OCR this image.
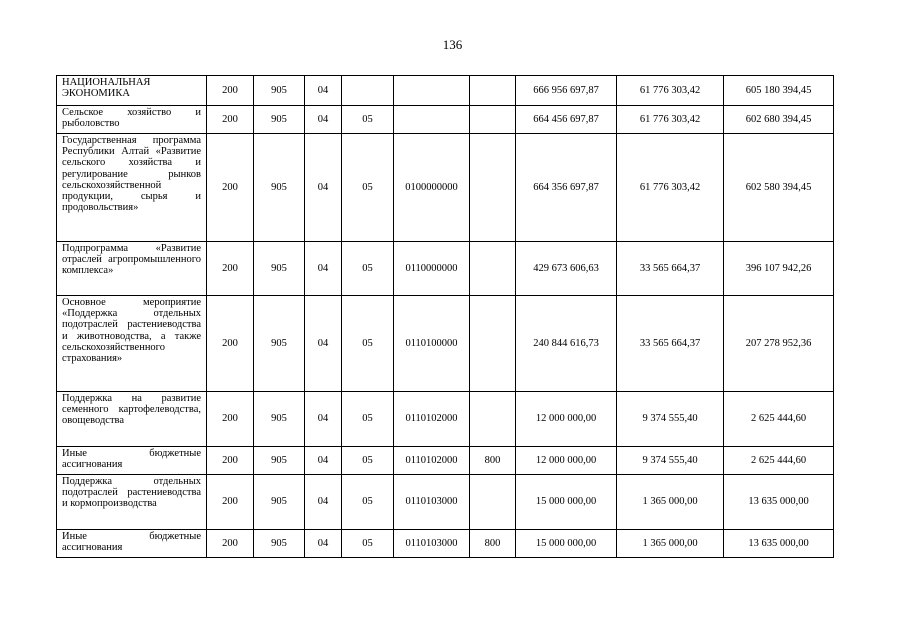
136
НАЦИОНАЛЬНАЯ ЭКОНОМИКА	200	905	04				666 956 697,87	61 776 303,42	605 180 394,45
Сельское хозяйство и рыболовство	200	905	04	05			664 456 697,87	61 776 303,42	602 680 394,45
Государственная программа Республики Алтай «Развитие сельского хозяйства и регулирование рынков сельскохозяйственной продукции, сырья и продовольствия»	200	905	04	05	0100000000		664 356 697,87	61 776 303,42	602 580 394,45
Подпрограмма «Развитие отраслей агропромышленного комплекса»	200	905	04	05	0110000000		429 673 606,63	33 565 664,37	396 107 942,26
Основное мероприятие «Поддержка отдельных подотраслей растениеводства и животноводства, а также сельскохозяйственного страхования»	200	905	04	05	0110100000		240 844 616,73	33 565 664,37	207 278 952,36
Поддержка на развитие семенного картофелеводства, овощеводства	200	905	04	05	0110102000		12 000 000,00	9 374 555,40	2 625 444,60
Иные бюджетные ассигнования	200	905	04	05	0110102000	800	12 000 000,00	9 374 555,40	2 625 444,60
Поддержка отдельных подотраслей растениеводства и кормопроизводства	200	905	04	05	0110103000		15 000 000,00	1 365 000,00	13 635 000,00
Иные бюджетные ассигнования	200	905	04	05	0110103000	800	15 000 000,00	1 365 000,00	13 635 000,00
